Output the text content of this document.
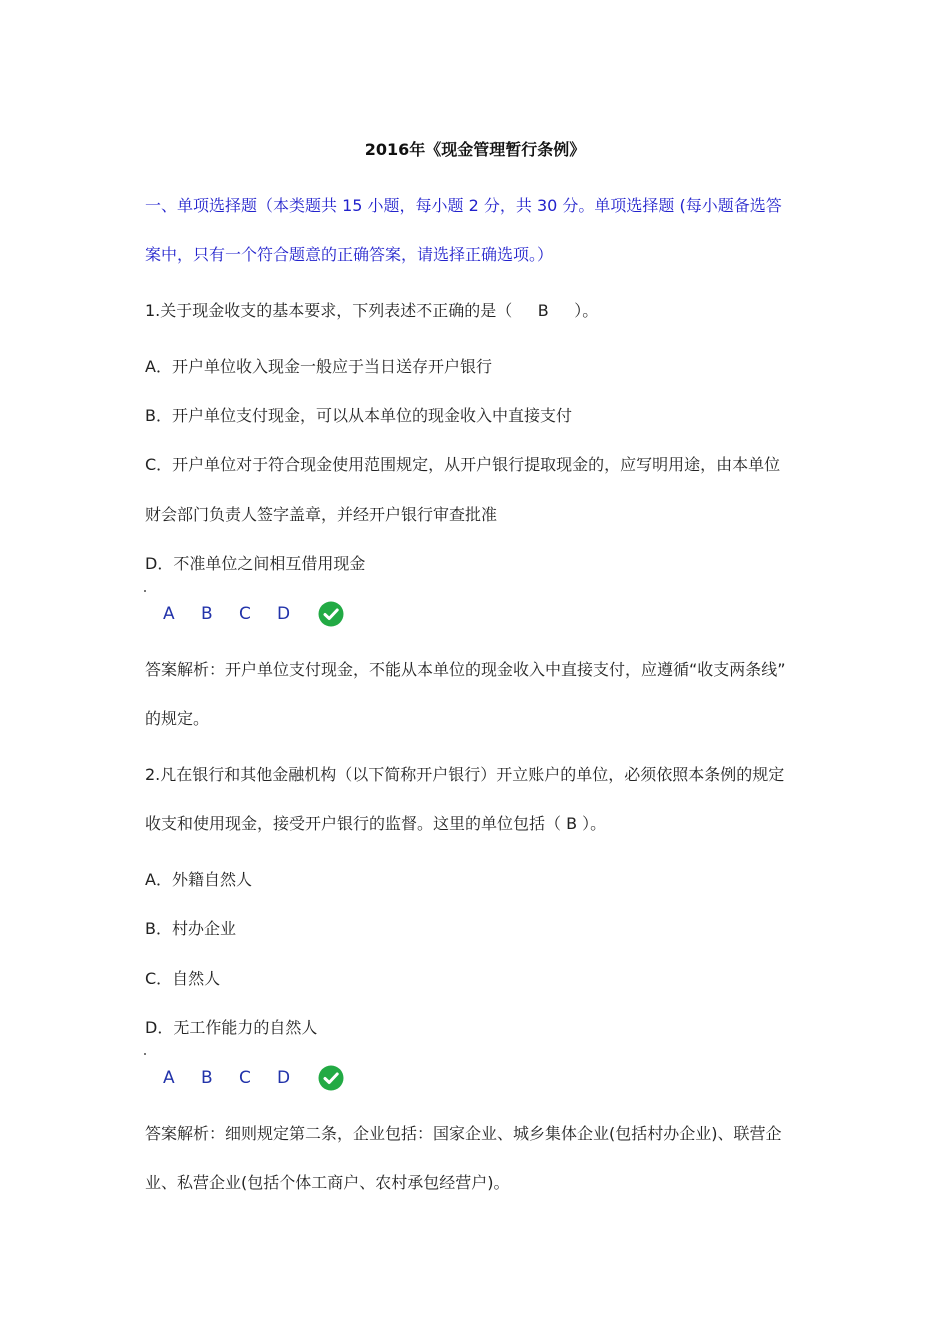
2016年《现金管理暂行条例》

一、单项选择题（本类题共 15 小题，每小题 2 分，共 30 分。单项选择题 (每小题备选答

案中，只有一个符合题意的正确答案，请选择正确选项。）

1.关于现金收支的基本要求，下列表述不正确的是（ B ）。

A．开户单位收入现金一般应于当日送存开户银行

B．开户单位支付现金，可以从本单位的现金收入中直接支付

C．开户单位对于符合现金使用范围规定，从开户银行提取现金的，应写明用途，由本单位

财会部门负责人签字盖章，并经开户银行审查批准

D．不准单位之间相互借用现金

A	B	C	D

答案解析：开户单位支付现金，不能从本单位的现金收入中直接支付，应遵循“收支两条线”

的规定。

2.凡在银行和其他金融机构（以下简称开户银行）开立账户的单位，必须依照本条例的规定

收支和使用现金，接受开户银行的监督。这里的单位包括（ B ）。

A．外籍自然人

B．村办企业

C．自然人

D．无工作能力的自然人

A	B	C	D

答案解析：细则规定第二条，企业包括：国家企业、城乡集体企业(包括村办企业)、联营企

业、私营企业(包括个体工商户、农村承包经营户)。
